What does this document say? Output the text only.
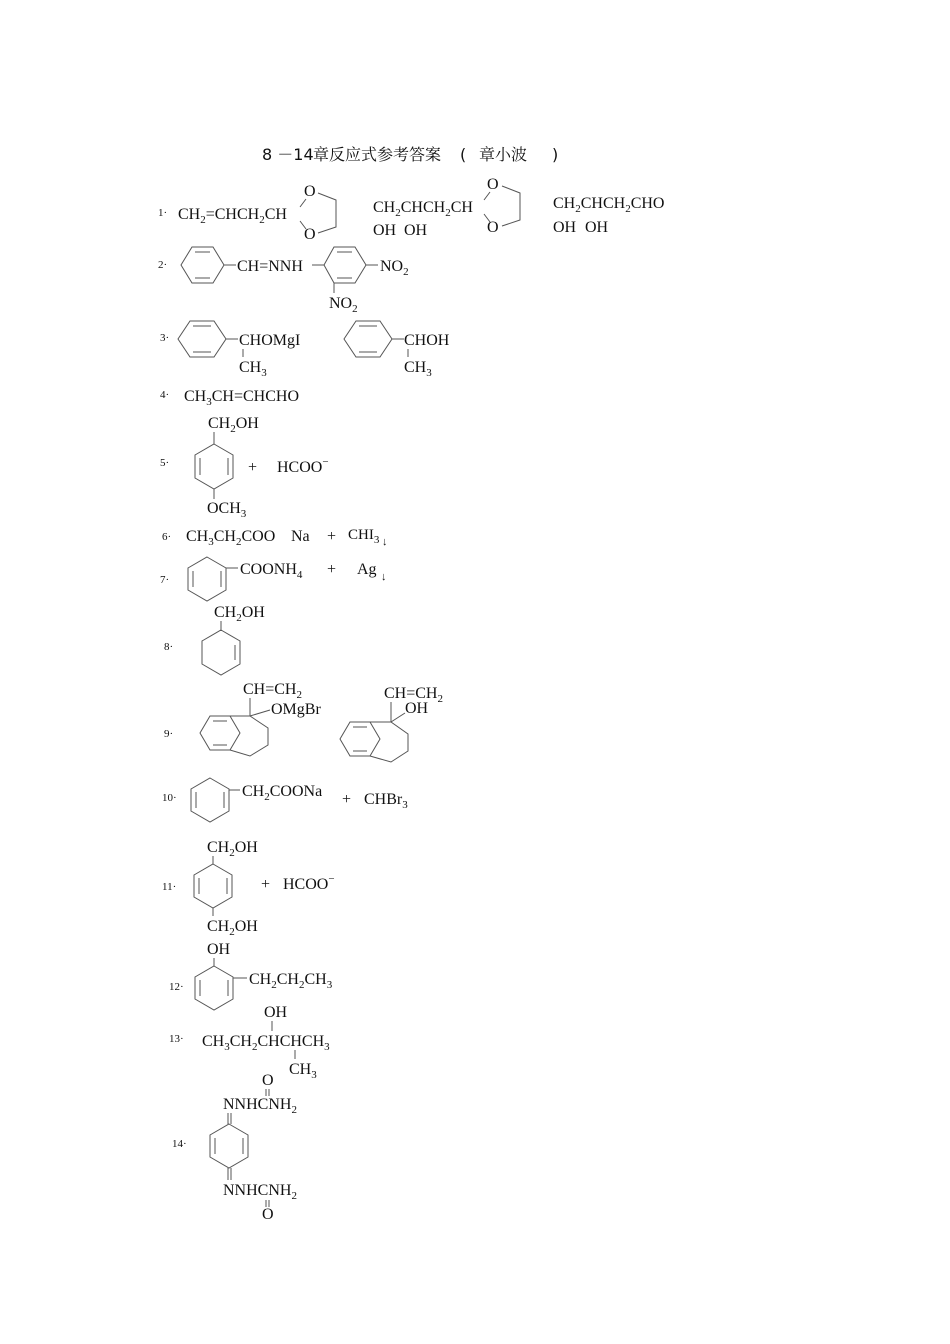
8 －14 章反应式参考答案 ( 章小波 )
$1\cdot CH_2=CHCH_2CH$
O
O
$CH_2CHCH_2CH$
OH OH
O
O
$CH_2CHCH_2CHO$
OH OH
2·	CH=NNH	$NO_2$
$NO_2$
3·	CHOMgI
$CH_3$
CHOH
$CH_3$
$4\cdot CH_3CH=CHCHO$
5·
$CH_2OH$
+ HCOO−
$OCH_3$
$6\cdot CH_3CH_2COO$ $Na + CHI_3$ ↓
7·
$COONH_4 + Ag$ ↓
8·
$CH_2OH$
9·
$CH=CH_2$
OMgBr
$CH=CH_2$
OH
10·	$CH_2COONa$ + CHBr$_3$
11·
$CH_2OH$
+ HCOO−
$CH_2OH$
12·
OH
$CH_2CH_2CH_3$
13·
OH
$CH_3CH_2CHCHCH_3$
$CH_3$
14·
O
$NNHCNH_2$
$NNHCNH_2$
O
